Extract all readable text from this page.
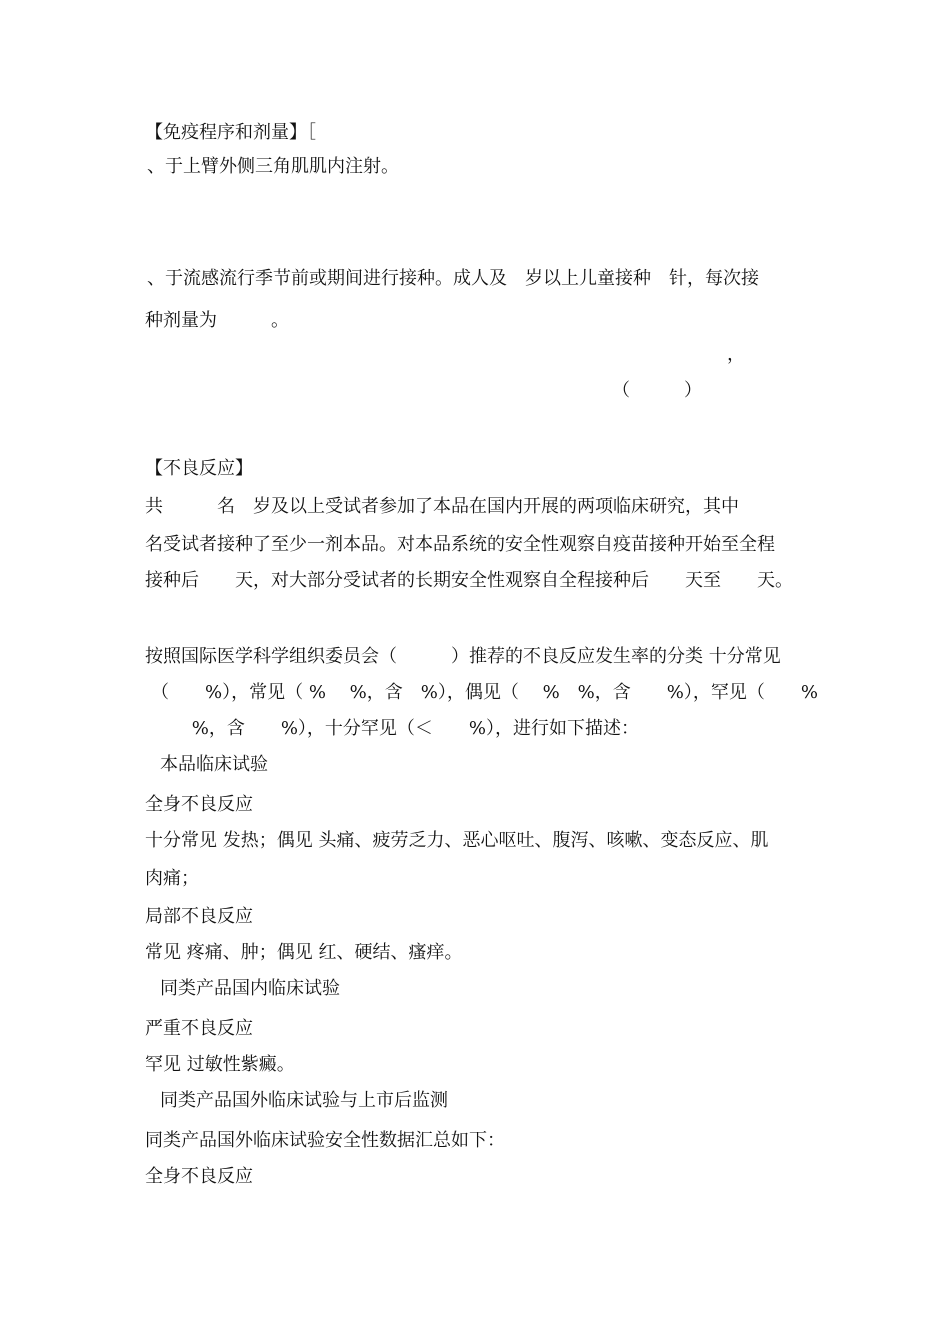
【免疫程序和剂量】［
、于上臂外侧三角肌肌内注射。
、于流感流行季节前或期间进行接种。成人及　岁以上儿童接种　针，每次接
种剂量为　　　。
，
（　　　）
【不良反应】
共　　　名　岁及以上受试者参加了本品在国内开展的两项临床研究，其中
名受试者接种了至少一剂本品。对本品系统的安全性观察自疫苗接种开始至全程
接种后　　天，对大部分受试者的长期安全性观察自全程接种后　　天至　　天。
按照国际医学科学组织委员会（　　　）推荐的不良反应发生率的分类 十分常见
（　　%），常见（ %　 %，含　%），偶见（　 %　%，含　　%），罕见（　　%
　 %，含　　%），十分罕见（＜　　%），进行如下描述：
本品临床试验
全身不良反应
十分常见 发热；偶见 头痛、疲劳乏力、恶心呕吐、腹泻、咳嗽、变态反应、肌
肉痛；
局部不良反应
常见 疼痛、肿；偶见 红、硬结、瘙痒。
同类产品国内临床试验
严重不良反应
罕见 过敏性紫癜。
同类产品国外临床试验与上市后监测
同类产品国外临床试验安全性数据汇总如下：
全身不良反应
